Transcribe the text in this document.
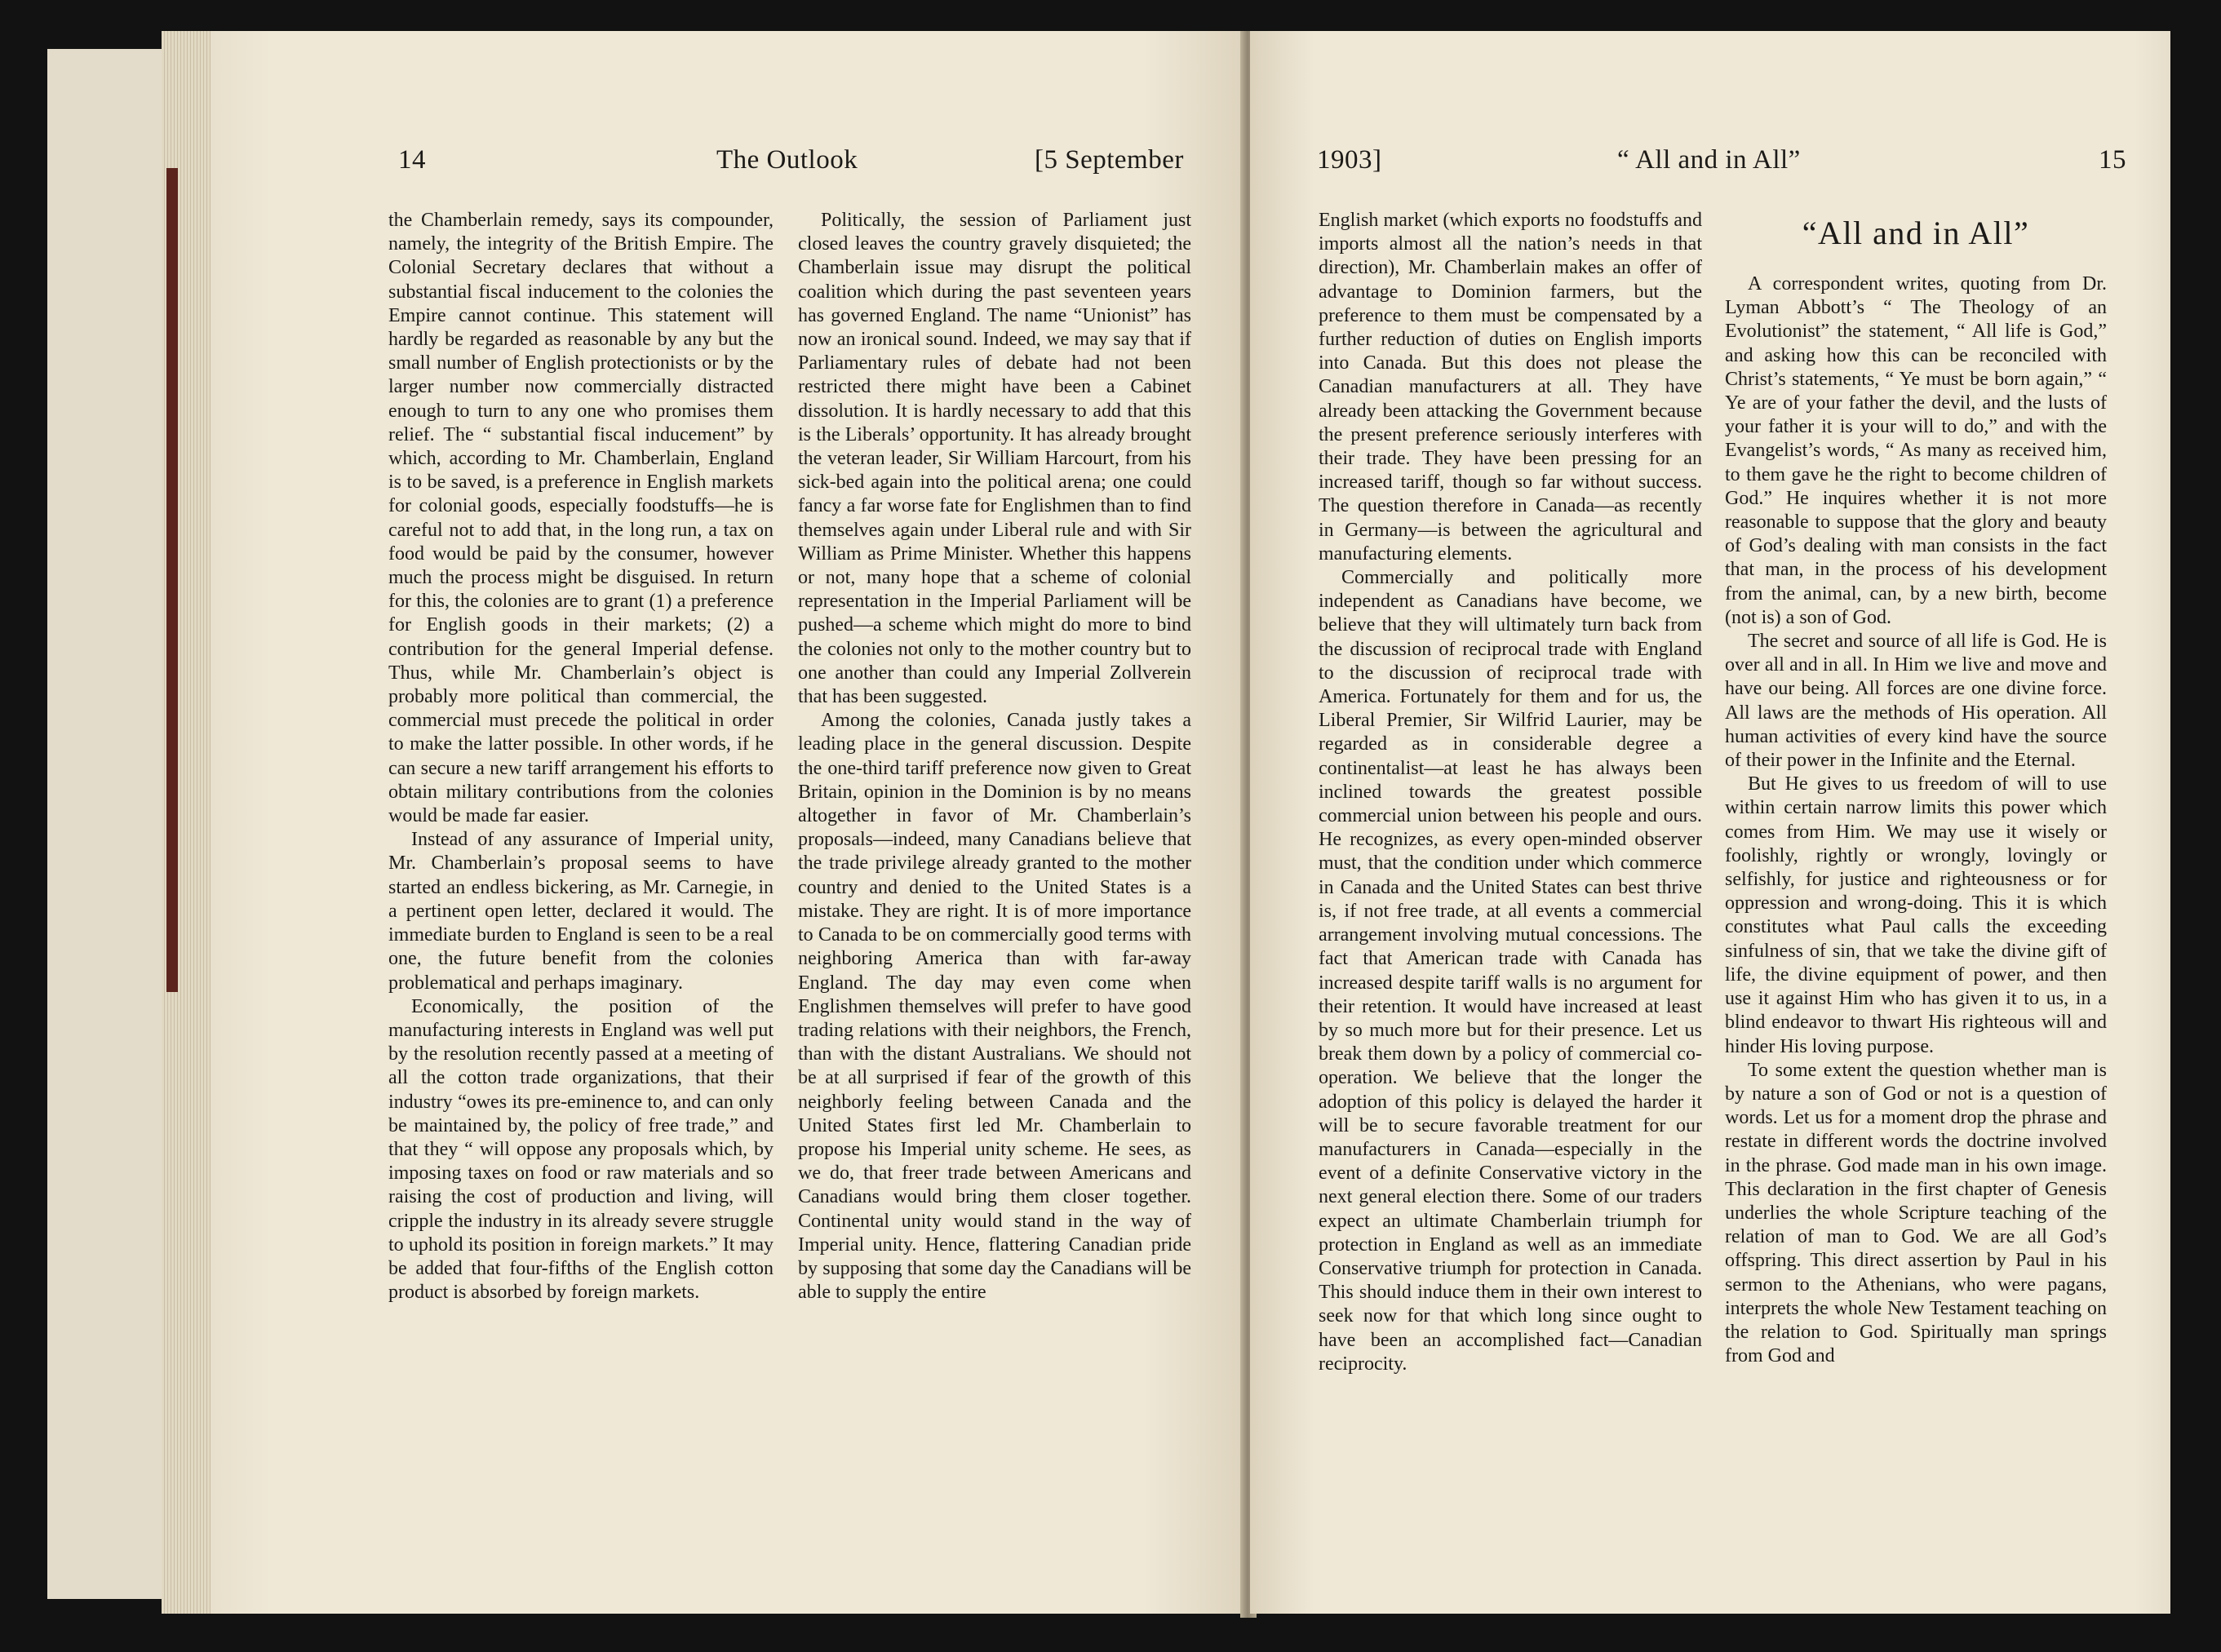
14	The Outlook	[5 September

the Chamberlain remedy, says its compounder, namely, the integrity of the British Empire. The Colonial Secretary declares that without a substantial fiscal inducement to the colonies the Empire cannot continue. This statement will hardly be regarded as reasonable by any but the small number of English protectionists or by the larger number now commercially distracted enough to turn to any one who promises them relief. The “ substantial fiscal inducement” by which, according to Mr. Chamberlain, England is to be saved, is a preference in English markets for colonial goods, especially foodstuffs—he is careful not to add that, in the long run, a tax on food would be paid by the consumer, however much the process might be disguised. In return for this, the colonies are to grant (1) a preference for English goods in their markets; (2) a contribution for the general Imperial defense. Thus, while Mr. Chamberlain’s object is probably more political than commercial, the commercial must precede the political in order to make the latter possible. In other words, if he can secure a new tariff arrangement his efforts to obtain military contributions from the colonies would be made far easier.

Instead of any assurance of Imperial unity, Mr. Chamberlain’s proposal seems to have started an endless bickering, as Mr. Carnegie, in a pertinent open letter, declared it would. The immediate burden to England is seen to be a real one, the future benefit from the colonies problematical and perhaps imaginary.

Economically, the position of the manufacturing interests in England was well put by the resolution recently passed at a meeting of all the cotton trade organizations, that their industry “owes its pre-eminence to, and can only be maintained by, the policy of free trade,” and that they “ will oppose any proposals which, by imposing taxes on food or raw materials and so raising the cost of production and living, will cripple the industry in its already severe struggle to uphold its position in foreign markets.” It may be added that four-fifths of the English cotton product is absorbed by foreign markets.

Politically, the session of Parliament just closed leaves the country gravely disquieted; the Chamberlain issue may disrupt the political coalition which during the past seventeen years has governed England. The name “Unionist” has now an ironical sound. Indeed, we may say that if Parliamentary rules of debate had not been restricted there might have been a Cabinet dissolution. It is hardly necessary to add that this is the Liberals’ opportunity. It has already brought the veteran leader, Sir William Harcourt, from his sick-bed again into the political arena; one could fancy a far worse fate for Englishmen than to find themselves again under Liberal rule and with Sir William as Prime Minister. Whether this happens or not, many hope that a scheme of colonial representation in the Imperial Parliament will be pushed—a scheme which might do more to bind the colonies not only to the mother country but to one another than could any Imperial Zollverein that has been suggested.

Among the colonies, Canada justly takes a leading place in the general discussion. Despite the one-third tariff preference now given to Great Britain, opinion in the Dominion is by no means altogether in favor of Mr. Chamberlain’s proposals—indeed, many Canadians believe that the trade privilege already granted to the mother country and denied to the United States is a mistake. They are right. It is of more importance to Canada to be on commercially good terms with neighboring America than with far-away England. The day may even come when Englishmen themselves will prefer to have good trading relations with their neighbors, the French, than with the distant Australians. We should not be at all surprised if fear of the growth of this neighborly feeling between Canada and the United States first led Mr. Chamberlain to propose his Imperial unity scheme. He sees, as we do, that freer trade between Americans and Canadians would bring them closer together. Continental unity would stand in the way of Imperial unity. Hence, flattering Canadian pride by supposing that some day the Canadians will be able to supply the entire

1903]	“ All and in All”	15

English market (which exports no foodstuffs and imports almost all the nation’s needs in that direction), Mr. Chamberlain makes an offer of advantage to Dominion farmers, but the preference to them must be compensated by a further reduction of duties on English imports into Canada. But this does not please the Canadian manufacturers at all. They have already been attacking the Government because the present preference seriously interferes with their trade. They have been pressing for an increased tariff, though so far without success. The question therefore in Canada—as recently in Germany—is between the agricultural and manufacturing elements.

Commercially and politically more independent as Canadians have become, we believe that they will ultimately turn back from the discussion of reciprocal trade with England to the discussion of reciprocal trade with America. Fortunately for them and for us, the Liberal Premier, Sir Wilfrid Laurier, may be regarded as in considerable degree a continentalist—at least he has always been inclined towards the greatest possible commercial union between his people and ours. He recognizes, as every open-minded observer must, that the condition under which commerce in Canada and the United States can best thrive is, if not free trade, at all events a commercial arrangement involving mutual concessions. The fact that American trade with Canada has increased despite tariff walls is no argument for their retention. It would have increased at least by so much more but for their presence. Let us break them down by a policy of commercial co-operation. We believe that the longer the adoption of this policy is delayed the harder it will be to secure favorable treatment for our manufacturers in Canada—especially in the event of a definite Conservative victory in the next general election there. Some of our traders expect an ultimate Chamberlain triumph for protection in England as well as an immediate Conservative triumph for protection in Canada. This should induce them in their own interest to seek now for that which long since ought to have been an accomplished fact—Canadian reciprocity.

“All and in All”

A correspondent writes, quoting from Dr. Lyman Abbott’s “ The Theology of an Evolutionist” the statement, “ All life is God,” and asking how this can be reconciled with Christ’s statements, “ Ye must be born again,” “ Ye are of your father the devil, and the lusts of your father it is your will to do,” and with the Evangelist’s words, “ As many as received him, to them gave he the right to become children of God.” He inquires whether it is not more reasonable to suppose that the glory and beauty of God’s dealing with man consists in the fact that man, in the process of his development from the animal, can, by a new birth, become (not is) a son of God.

The secret and source of all life is God. He is over all and in all. In Him we live and move and have our being. All forces are one divine force. All laws are the methods of His operation. All human activities of every kind have the source of their power in the Infinite and the Eternal.

But He gives to us freedom of will to use within certain narrow limits this power which comes from Him. We may use it wisely or foolishly, rightly or wrongly, lovingly or selfishly, for justice and righteousness or for oppression and wrong-doing. This it is which constitutes what Paul calls the exceeding sinfulness of sin, that we take the divine gift of life, the divine equipment of power, and then use it against Him who has given it to us, in a blind endeavor to thwart His righteous will and hinder His loving purpose.

To some extent the question whether man is by nature a son of God or not is a question of words. Let us for a moment drop the phrase and restate in different words the doctrine involved in the phrase. God made man in his own image. This declaration in the first chapter of Genesis underlies the whole Scripture teaching of the relation of man to God. We are all God’s offspring. This direct assertion by Paul in his sermon to the Athenians, who were pagans, interprets the whole New Testament teaching on the relation to God. Spiritually man springs from God and
